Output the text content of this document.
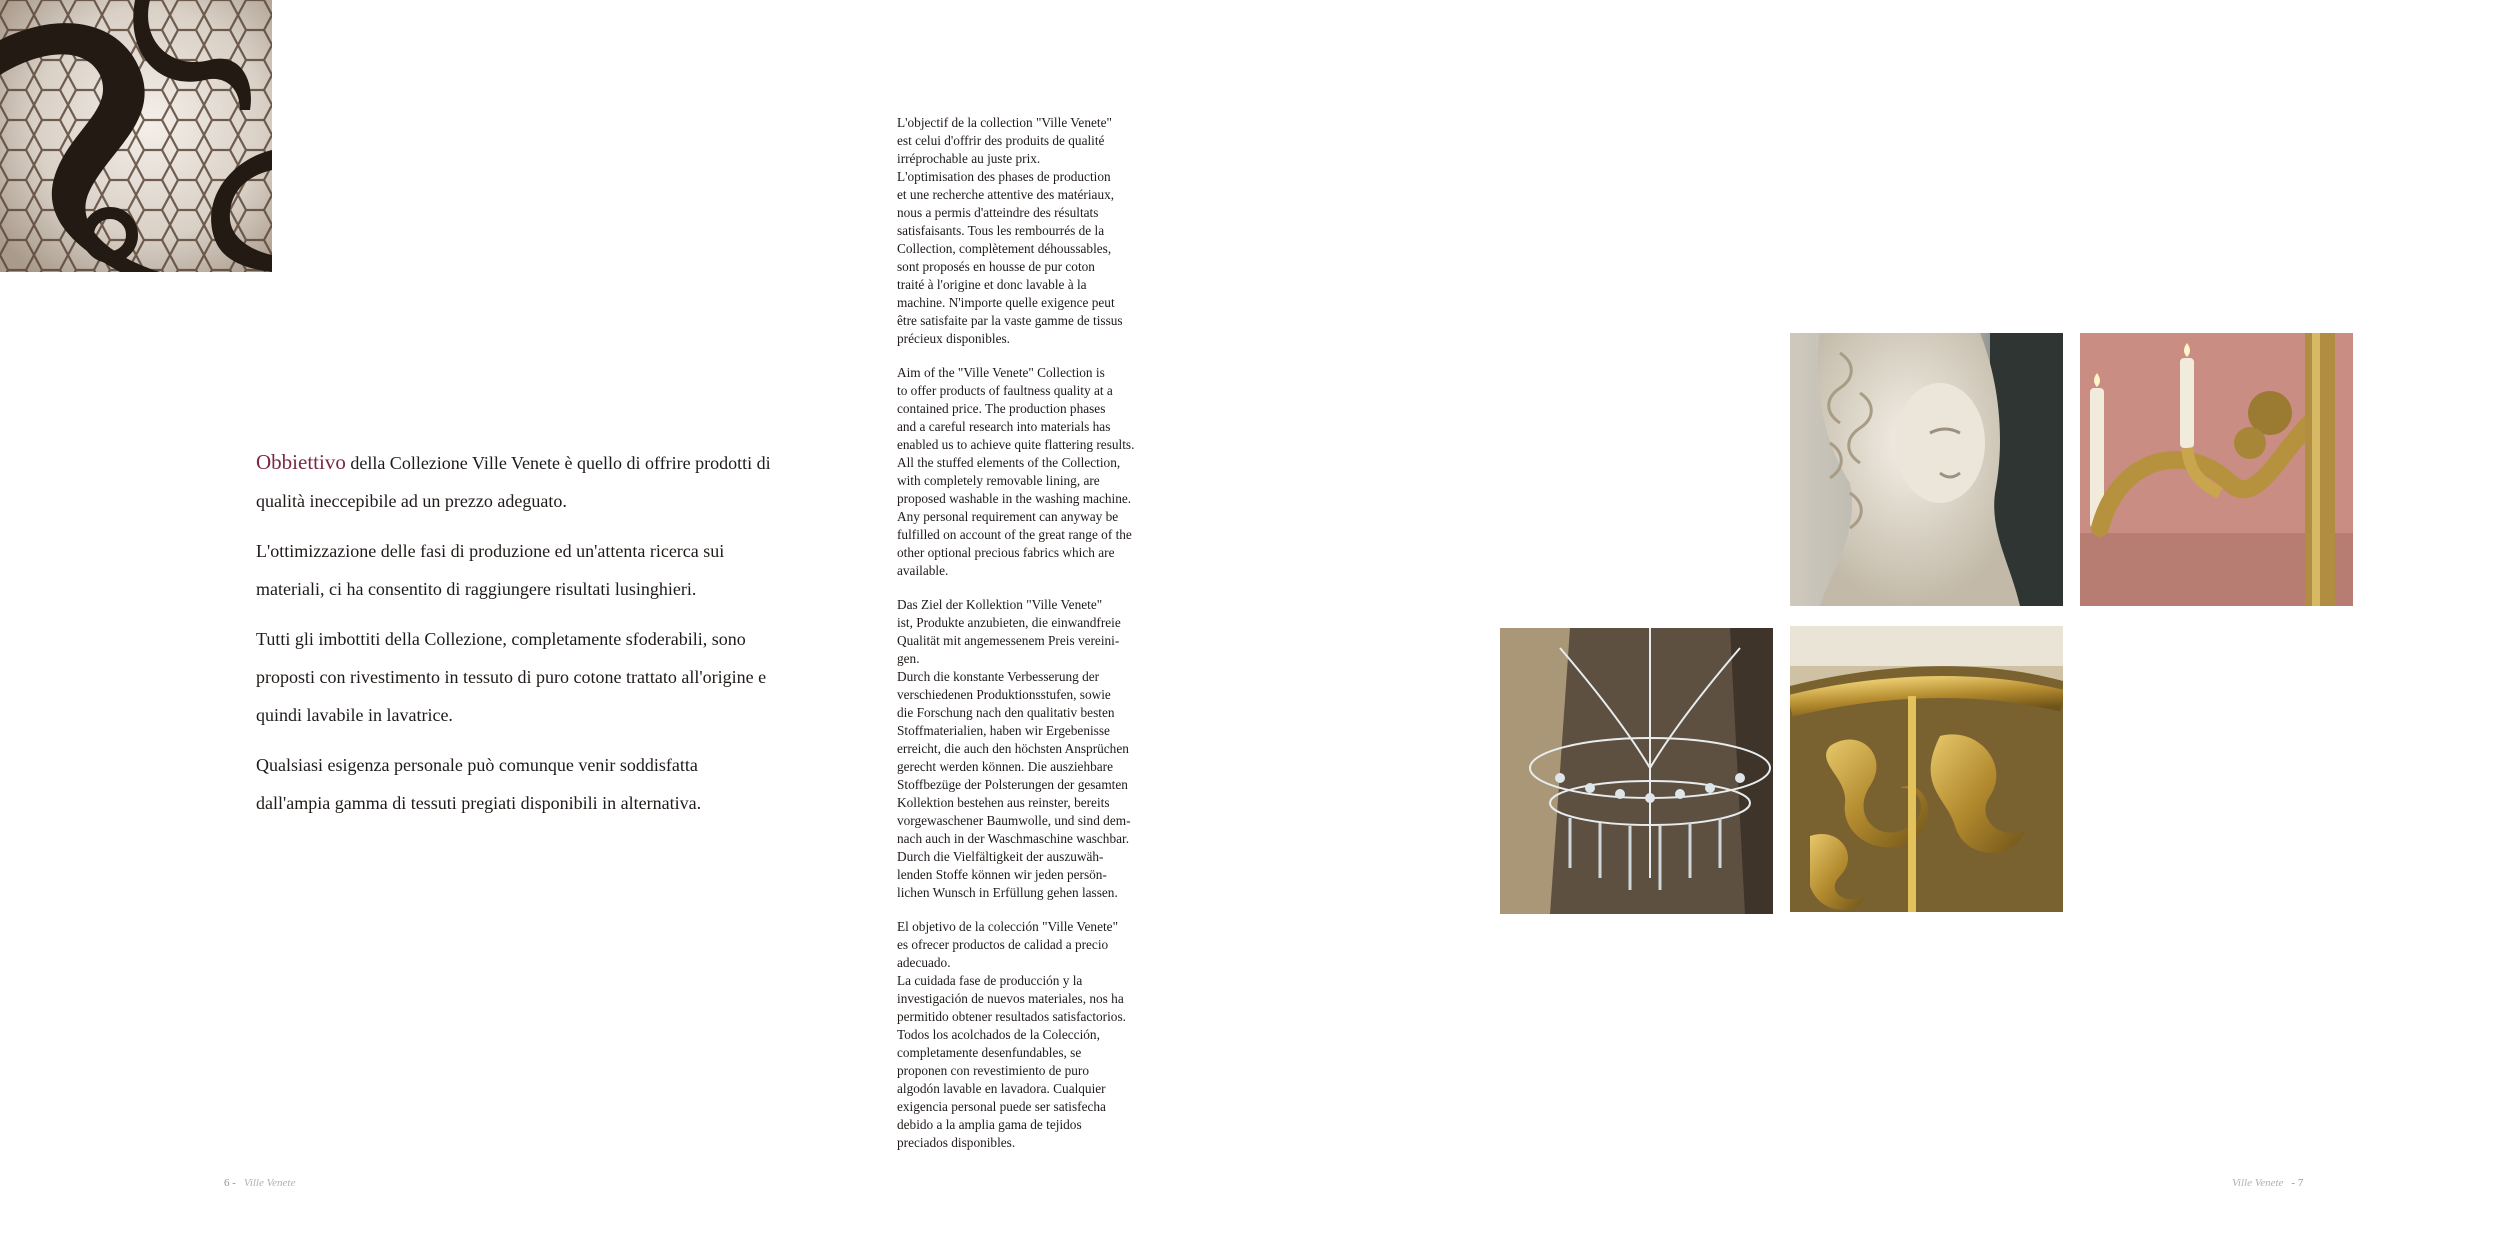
Obbiettivo della Collezione Ville Venete è quello di offrire prodotti di qualità ineccepibile ad un prezzo adeguato.

L'ottimizzazione delle fasi di produzione ed un'attenta ricerca sui materiali, ci ha consentito di raggiungere risultati lusinghieri.

Tutti gli imbottiti della Collezione, completamente sfoderabili, sono proposti con rivestimento in tessuto di puro cotone trattato all'origine e quindi lavabile in lavatrice.

Qualsiasi esigenza personale può comunque venir soddisfatta dall'ampia gamma di tessuti pregiati disponibili in alternativa.

L'objectif de la collection "Ville Venete"
est celui d'offrir des produits de qualité
irréprochable au juste prix.
L'optimisation des phases de production
et une recherche attentive des matériaux,
nous a permis d'atteindre des résultats
satisfaisants. Tous les rembourrés de la
Collection, complètement déhoussables,
sont proposés en housse de pur coton
traité à l'origine et donc lavable à la
machine. N'importe quelle exigence peut
être satisfaite par la vaste gamme de tissus
précieux disponibles.

Aim of the "Ville Venete" Collection is
to offer products of faultness quality at a
contained price. The production phases
and a careful research into materials has
enabled us to achieve quite flattering results.
All the stuffed elements of the Collection,
with completely removable lining, are
proposed washable in the washing machine.
Any personal requirement can anyway be
fulfilled on account of the great range of the
other optional precious fabrics which are
available.

Das Ziel der Kollektion "Ville Venete"
ist, Produkte anzubieten, die einwandfreie
Qualität mit angemessenem Preis vereini-
gen.
Durch die konstante Verbesserung der
verschiedenen Produktionsstufen, sowie
die Forschung nach den qualitativ besten
Stoffmaterialien, haben wir Ergebenisse
erreicht, die auch den höchsten Ansprüchen
gerecht werden können. Die ausziehbare
Stoffbezüge der Polsterungen der gesamten
Kollektion bestehen aus reinster, bereits
vorgewaschener Baumwolle, und sind dem-
nach auch in der Waschmaschine waschbar.
Durch die Vielfältigkeit der auszuwäh-
lenden Stoffe können wir jeden persön-
lichen Wunsch in Erfüllung gehen lassen.

El objetivo de la colección "Ville Venete"
es ofrecer productos de calidad a precio
adecuado.
La cuidada fase de producción y la
investigación de nuevos materiales, nos ha
permitido obtener resultados satisfactorios.
Todos los acolchados de la Colección,
completamente desenfundables, se
proponen con revestimiento de puro
algodón lavable en lavadora. Cualquier
exigencia personal puede ser satisfecha
debido a la amplia gama de tejidos
preciados disponibles.

6 - Ville Venete	Ville Venete - 7
